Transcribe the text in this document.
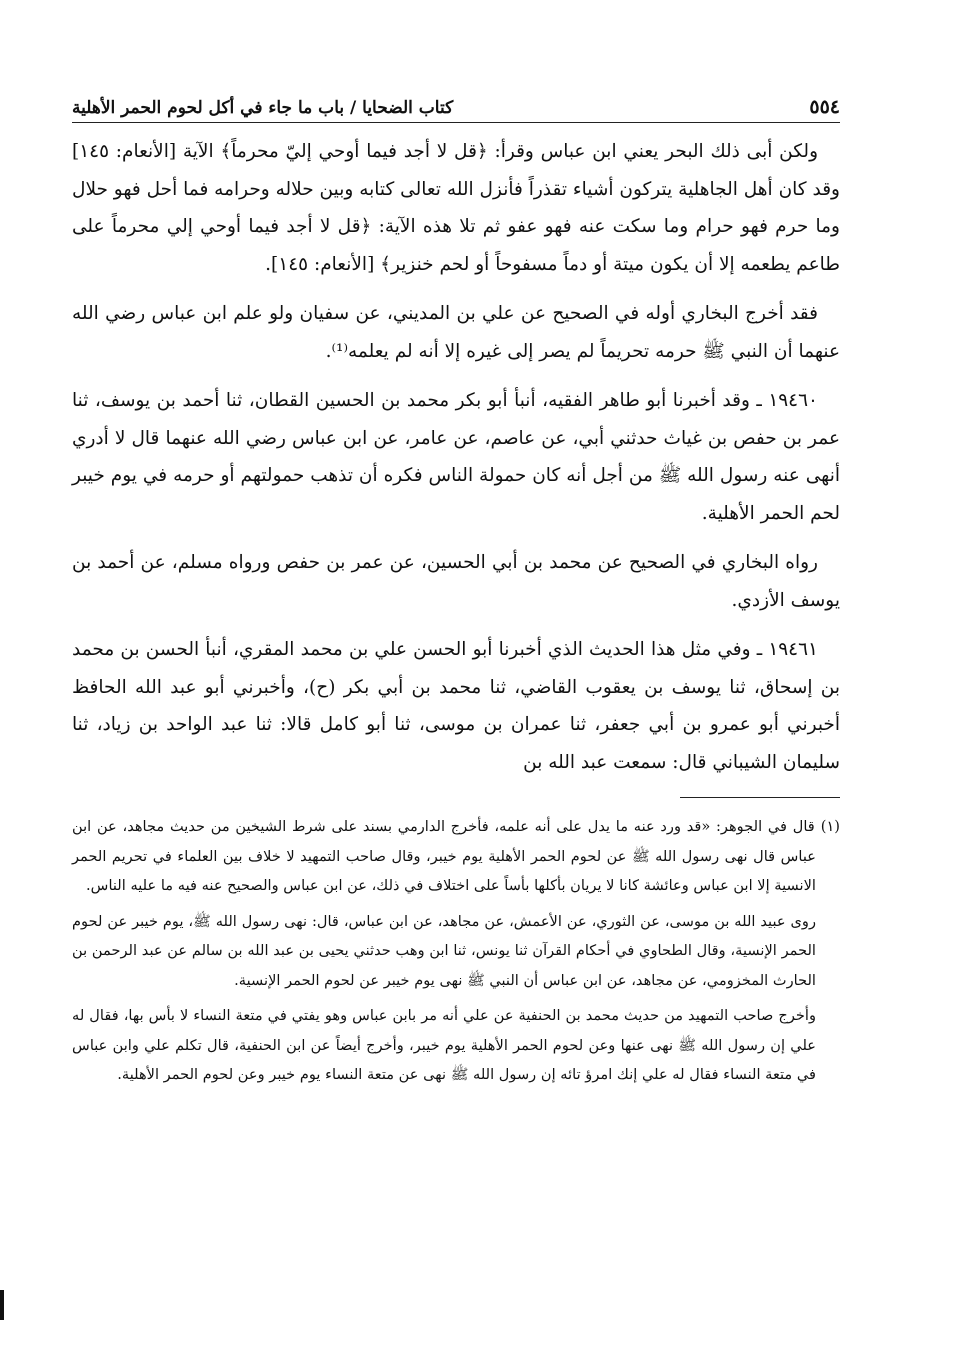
٥٥٤
كتاب الضحايا / باب ما جاء في أكل لحوم الحمر الأهلية

ولكن أبى ذلك البحر يعني ابن عباس وقرأ: ﴿قل لا أجد فيما أوحي إليّ محرماً﴾ الآية [الأنعام: ١٤٥] وقد كان أهل الجاهلية يتركون أشياء تقذراً فأنزل الله تعالى كتابه وبين حلاله وحرامه فما أحل فهو حلال وما حرم فهو حرام وما سكت عنه فهو عفو ثم تلا هذه الآية: ﴿قل لا أجد فيما أوحي إلي محرماً على طاعم يطعمه إلا أن يكون ميتة أو دماً مسفوحاً أو لحم خنزير﴾ [الأنعام: ١٤٥].

فقد أخرج البخاري أوله في الصحيح عن علي بن المديني، عن سفيان ولو علم ابن عباس رضي الله عنهما أن النبي ﷺ حرمه تحريماً لم يصر إلى غيره إلا أنه لم يعلمه⁽¹⁾.

١٩٤٦٠ ـ وقد أخبرنا أبو طاهر الفقيه، أنبأ أبو بكر محمد بن الحسين القطان، ثنا أحمد بن يوسف، ثنا عمر بن حفص بن غياث حدثني أبي، عن عاصم، عن عامر، عن ابن عباس رضي الله عنهما قال لا أدري أنهى عنه رسول الله ﷺ من أجل أنه كان حمولة الناس فكره أن تذهب حمولتهم أو حرمه في يوم خيبر لحم الحمر الأهلية.

رواه البخاري في الصحيح عن محمد بن أبي الحسين، عن عمر بن حفص ورواه مسلم، عن أحمد بن يوسف الأزدي.

١٩٤٦١ ـ وفي مثل هذا الحديث الذي أخبرنا أبو الحسن علي بن محمد المقري، أنبأ الحسن بن محمد بن إسحاق، ثنا يوسف بن يعقوب القاضي، ثنا محمد بن أبي بكر (ح)، وأخبرني أبو عبد الله الحافظ أخبرني أبو عمرو بن أبي جعفر، ثنا عمران بن موسى، ثنا أبو كامل قالا: ثنا عبد الواحد بن زياد، ثنا سليمان الشيباني قال: سمعت عبد الله بن

(١)قال في الجوهر: «قد ورد عنه ما يدل على أنه علمه، فأخرج الدارمي بسند على شرط الشيخين من حديث مجاهد، عن ابن عباس قال نهى رسول الله ﷺ عن لحوم الحمر الأهلية يوم خيبر، وقال صاحب التمهيد لا خلاف بين العلماء في تحريم الحمر الانسية إلا ابن عباس وعائشة كانا لا يريان بأكلها بأساً على اختلاف في ذلك، عن ابن عباس والصحيح عنه فيه ما عليه الناس.

روى عبيد الله بن موسى، عن الثوري، عن الأعمش، عن مجاهد، عن ابن عباس، قال: نهى رسول الله ﷺ، يوم خيبر عن لحوم الحمر الإنسية، وقال الطحاوي في أحكام القرآن ثنا يونس، ثنا ابن وهب حدثني يحيى بن عبد الله بن سالم عن عبد الرحمن بن الحارث المخزومي، عن مجاهد، عن ابن عباس أن النبي ﷺ نهى يوم خيبر عن لحوم الحمر الإنسية.

وأخرج صاحب التمهيد من حديث محمد بن الحنفية عن علي أنه مر بابن عباس وهو يفتي في متعة النساء لا بأس بها، فقال له علي إن رسول الله ﷺ نهى عنها وعن لحوم الحمر الأهلية يوم خيبر، وأخرج أيضاً عن ابن الحنفية، قال تكلم علي وابن عباس في متعة النساء فقال له علي إنك امرؤ تائه إن رسول الله ﷺ نهى عن متعة النساء يوم خيبر وعن لحوم الحمر الأهلية.
